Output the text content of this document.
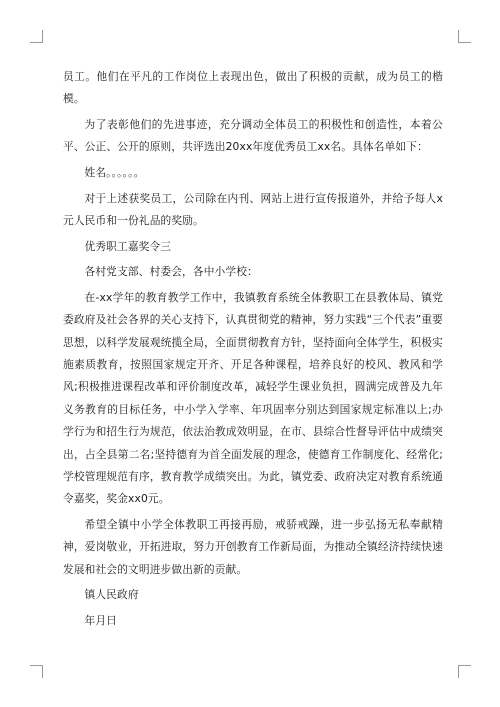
员工。他们在平凡的工作岗位上表现出色，做出了积极的贡献，成为员工的楷模。

为了表彰他们的先进事迹，充分调动全体员工的积极性和创造性，本着公平、公正、公开的原则，共评选出20xx年度优秀员工xx名。具体名单如下：

姓名。。。。。。

对于上述获奖员工，公司除在内刊、网站上进行宣传报道外，并给予每人x元人民币和一份礼品的奖励。

优秀职工嘉奖令三

各村党支部、村委会，各中小学校：

在-xx学年的教育教学工作中，我镇教育系统全体教职工在县教体局、镇党委政府及社会各界的关心支持下，认真贯彻党的精神，努力实践“三个代表”重要思想，以科学发展观统揽全局，全面贯彻教育方针，坚持面向全体学生，积极实施素质教育，按照国家规定开齐、开足各种课程，培养良好的校风、教风和学风;积极推进课程改革和评价制度改革，减轻学生课业负担，圆满完成普及九年义务教育的目标任务，中小学入学率、年巩固率分别达到国家规定标准以上;办学行为和招生行为规范，依法治教成效明显，在市、县综合性督导评估中成绩突出，占全县第二名;坚持德育为首全面发展的理念，使德育工作制度化、经常化;学校管理规范有序，教育教学成绩突出。为此，镇党委、政府决定对教育系统通令嘉奖，奖金xx0元。

希望全镇中小学全体教职工再接再励，戒骄戒躁，进一步弘扬无私奉献精神，爱岗敬业，开拓进取，努力开创教育工作新局面，为推动全镇经济持续快速发展和社会的文明进步做出新的贡献。

镇人民政府

年月日
